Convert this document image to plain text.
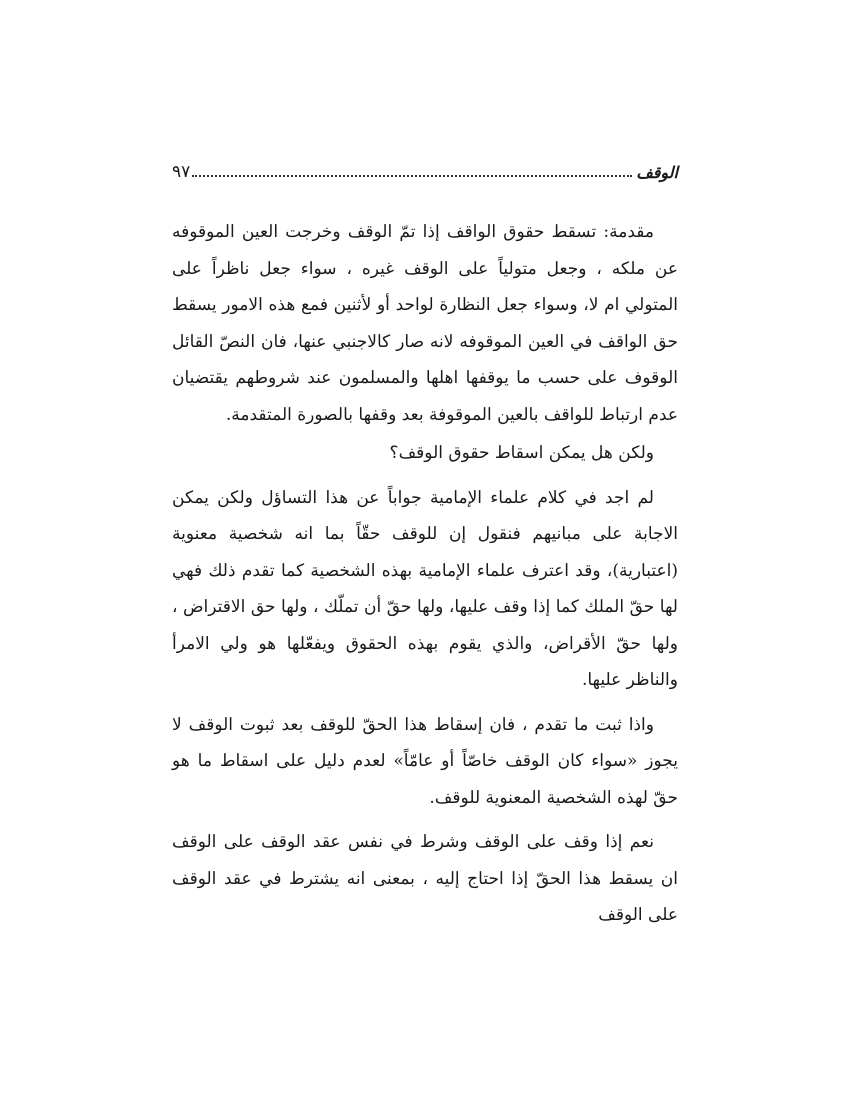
الوقف
٩٧

مقدمة: تسقط حقوق الواقف إذا تمّ الوقف وخرجت العين الموقوفه عن ملكه ، وجعل متولياً على الوقف غيره ، سواء جعل ناظراً على المتولي ام لا، وسواء جعل النظارة لواحد أو لأثنين فمع هذه الامور يسقط حق الواقف في العين الموقوفه لانه صار كالاجنبي عنها، فان النصّ القائل الوقوف على حسب ما يوقفها اهلها والمسلمون عند شروطهم يقتضيان عدم ارتباط للواقف بالعين الموقوفة بعد وقفها بالصورة المتقدمة.

ولكن هل يمكن اسقاط حقوق الوقف؟

لم اجد في كلام علماء الإمامية جواباً عن هذا التساؤل ولكن يمكن الاجابة على مبانيهم فنقول إن للوقف حقّاً بما انه شخصية معنوية (اعتبارية)، وقد اعترف علماء الإمامية بهذه الشخصية كما تقدم ذلك فهي لها حقّ الملك كما إذا وقف عليها، ولها حقّ أن تملّك ، ولها حق الاقتراض ، ولها حقّ الأقراض، والذي يقوم بهذه الحقوق ويفعّلها هو ولي الامرأ والناظر عليها.

واذا ثبت ما تقدم ، فان إسقاط هذا الحقّ للوقف بعد ثبوت الوقف لا يجوز «سواء كان الوقف خاصّاً أو عامّاً» لعدم دليل على اسقاط ما هو حقّ لهذه الشخصية المعنوية للوقف.

نعم إذا وقف على الوقف وشرط في نفس عقد الوقف على الوقف ان يسقط هذا الحقّ إذا احتاج إليه ، بمعنى انه يشترط في عقد الوقف على الوقف
